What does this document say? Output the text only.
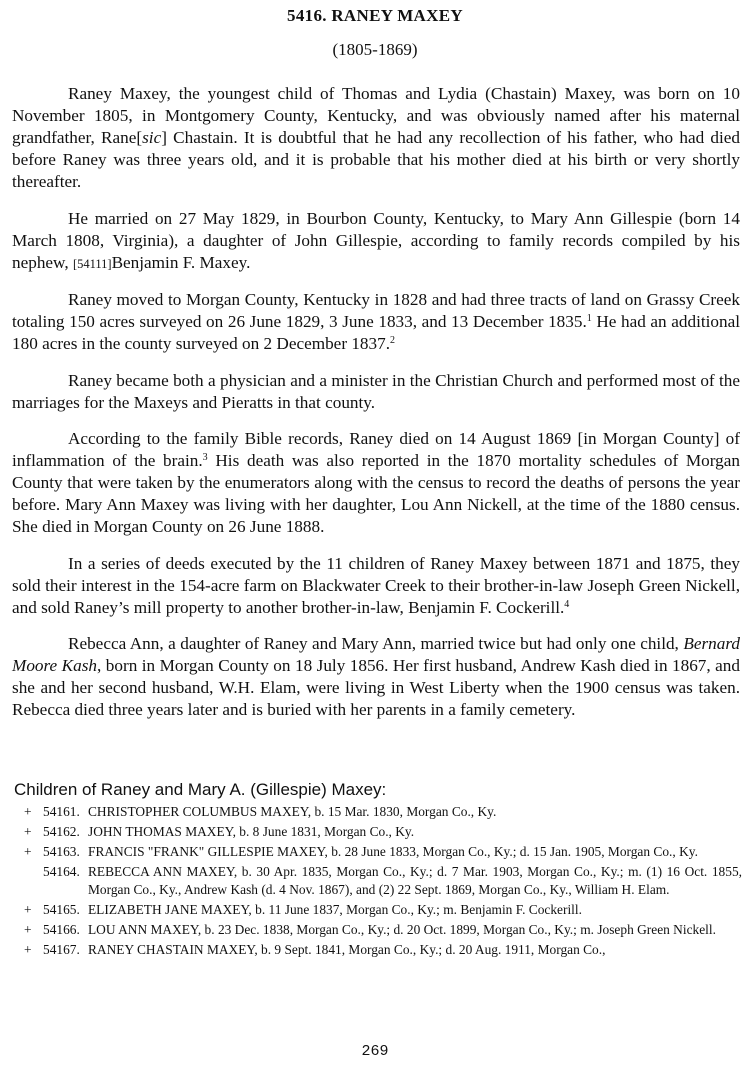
5416. RANEY MAXEY
(1805-1869)

Raney Maxey, the youngest child of Thomas and Lydia (Chastain) Maxey, was born on 10 November 1805, in Montgomery County, Kentucky, and was obviously named after his maternal grandfather, Rane[sic] Chastain. It is doubtful that he had any recollection of his father, who had died before Raney was three years old, and it is probable that his mother died at his birth or very shortly thereafter.

He married on 27 May 1829, in Bourbon County, Kentucky, to Mary Ann Gillespie (born 14 March 1808, Virginia), a daughter of John Gillespie, according to family records compiled by his nephew, [54111]Benjamin F. Maxey.

Raney moved to Morgan County, Kentucky in 1828 and had three tracts of land on Grassy Creek totaling 150 acres surveyed on 26 June 1829, 3 June 1833, and 13 December 1835.$^1$ He had an additional 180 acres in the county surveyed on 2 December 1837.$^2$

Raney became both a physician and a minister in the Christian Church and performed most of the marriages for the Maxeys and Pieratts in that county.

According to the family Bible records, Raney died on 14 August 1869 [in Morgan County] of inflammation of the brain.$^3$ His death was also reported in the 1870 mortality schedules of Morgan County that were taken by the enumerators along with the census to record the deaths of persons the year before. Mary Ann Maxey was living with her daughter, Lou Ann Nickell, at the time of the 1880 census. She died in Morgan County on 26 June 1888.

In a series of deeds executed by the 11 children of Raney Maxey between 1871 and 1875, they sold their interest in the 154-acre farm on Blackwater Creek to their brother-in-law Joseph Green Nickell, and sold Raney’s mill property to another brother-in-law, Benjamin F. Cockerill.$^4$

Rebecca Ann, a daughter of Raney and Mary Ann, married twice but had only one child, Bernard Moore Kash, born in Morgan County on 18 July 1856. Her first husband, Andrew Kash died in 1867, and she and her second husband, W.H. Elam, were living in West Liberty when the 1900 census was taken. Rebecca died three years later and is buried with her parents in a family cemetery.

Children of Raney and Mary A. (Gillespie) Maxey:
+ 54161. CHRISTOPHER COLUMBUS MAXEY, b. 15 Mar. 1830, Morgan Co., Ky.
+ 54162. JOHN THOMAS MAXEY, b. 8 June 1831, Morgan Co., Ky.
+ 54163. FRANCIS "FRANK" GILLESPIE MAXEY, b. 28 June 1833, Morgan Co., Ky.; d. 15 Jan. 1905, Morgan Co., Ky.
54164. REBECCA ANN MAXEY, b. 30 Apr. 1835, Morgan Co., Ky.; d. 7 Mar. 1903, Morgan Co., Ky.; m. (1) 16 Oct. 1855, Morgan Co., Ky., Andrew Kash (d. 4 Nov. 1867), and (2) 22 Sept. 1869, Morgan Co., Ky., William H. Elam.
+ 54165. ELIZABETH JANE MAXEY, b. 11 June 1837, Morgan Co., Ky.; m. Benjamin F. Cockerill.
+ 54166. LOU ANN MAXEY, b. 23 Dec. 1838, Morgan Co., Ky.; d. 20 Oct. 1899, Morgan Co., Ky.; m. Joseph Green Nickell.
+ 54167. RANEY CHASTAIN MAXEY, b. 9 Sept. 1841, Morgan Co., Ky.; d. 20 Aug. 1911, Morgan Co.,
269
